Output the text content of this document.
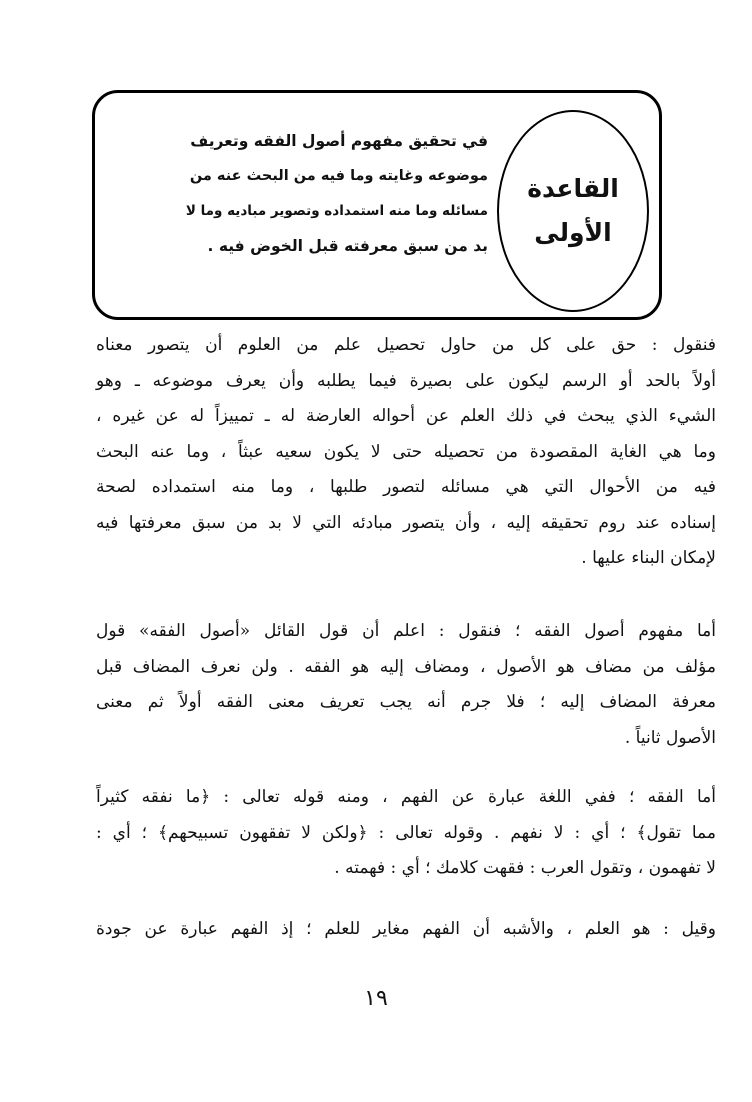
القاعدة
الأولى
في تحقيق مفهوم أصول الفقه وتعريف
موضوعه وغايته وما فيه من البحث عنه من
مسائله وما منه استمداده وتصوير مباديه وما لا
بد من سبق معرفته قبل الخوض فيه .
فنقول : حق على كل من حاول تحصيل علم من العلوم أن يتصور معناه
أولاً بالحد أو الرسم ليكون على بصيرة فيما يطلبه وأن يعرف موضوعه ـ وهو
الشيء الذي يبحث في ذلك العلم عن أحواله العارضة له ـ تمييزاً له عن غيره ،
وما هي الغاية المقصودة من تحصيله حتى لا يكون سعيه عبثاً ، وما عنه البحث
فيه من الأحوال التي هي مسائله لتصور طلبها ، وما منه استمداده لصحة
إسناده عند روم تحقيقه إليه ، وأن يتصور مبادئه التي لا بد من سبق معرفتها فيه
لإمكان البناء عليها .
أما مفهوم أصول الفقه ؛ فنقول : اعلم أن قول القائل «أصول الفقه» قول
مؤلف من مضاف هو الأصول ، ومضاف إليه هو الفقه . ولن نعرف المضاف قبل
معرفة المضاف إليه ؛ فلا جرم أنه يجب تعريف معنى الفقه أولاً ثم معنى
الأصول ثانياً .
أما الفقه ؛ ففي اللغة عبارة عن الفهم ، ومنه قوله تعالى : ﴿ما نفقه كثيراً
مما تقول﴾ ؛ أي : لا نفهم . وقوله تعالى : ﴿ولكن لا تفقهون تسبيحهم﴾ ؛ أي :
لا تفهمون ، وتقول العرب : فقهت كلامك ؛ أي : فهمته .
وقيل : هو العلم ، والأشبه أن الفهم مغاير للعلم ؛ إذ الفهم عبارة عن جودة
١٩
